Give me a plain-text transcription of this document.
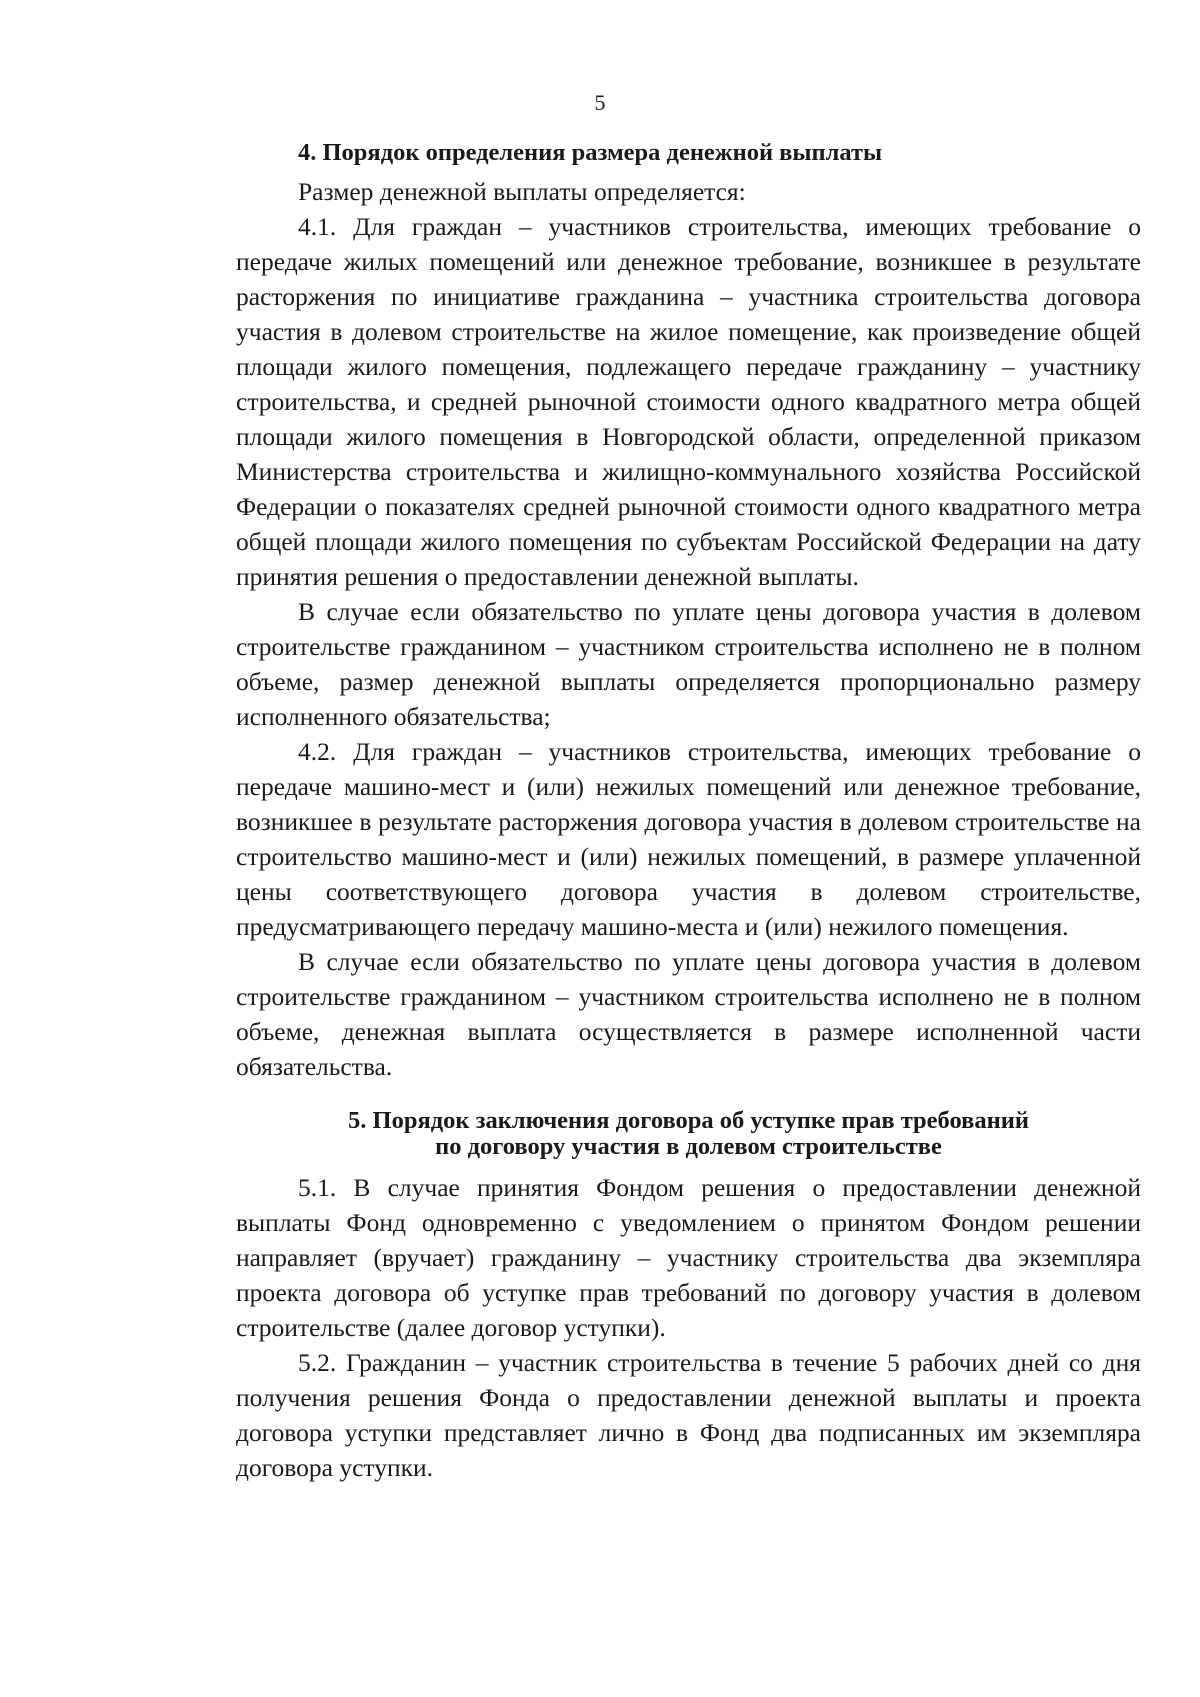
5
4. Порядок определения размера денежной выплаты

Размер денежной выплаты определяется:

4.1. Для граждан – участников строительства, имеющих требование о передаче жилых помещений или денежное требование, возникшее в результате расторжения по инициативе гражданина – участника строительства договора участия в долевом строительстве на жилое помещение, как произведение общей площади жилого помещения, подлежащего передаче гражданину – участнику строительства, и средней рыночной стоимости одного квадратного метра общей площади жилого помещения в Новгородской области, определенной приказом Министерства строительства и жилищно-коммунального хозяйства Российской Федерации о показателях средней рыночной стоимости одного квадратного метра общей площади жилого помещения по субъектам Российской Федерации на дату принятия решения о предоставлении денежной выплаты.

В случае если обязательство по уплате цены договора участия в долевом строительстве гражданином – участником строительства исполнено не в полном объеме, размер денежной выплаты определяется пропорционально размеру исполненного обязательства;

4.2. Для граждан – участников строительства, имеющих требование о передаче машино-мест и (или) нежилых помещений или денежное требование, возникшее в результате расторжения договора участия в долевом строительстве на строительство машино-мест и (или) нежилых помещений, в размере уплаченной цены соответствующего договора участия в долевом строительстве, предусматривающего передачу машино-места и (или) нежилого помещения.

В случае если обязательство по уплате цены договора участия в долевом строительстве гражданином – участником строительства исполнено не в полном объеме, денежная выплата осуществляется в размере исполненной части обязательства.

5. Порядок заключения договора об уступке прав требований
по договору участия в долевом строительстве

5.1. В случае принятия Фондом решения о предоставлении денежной выплаты Фонд одновременно с уведомлением о принятом Фондом решении направляет (вручает) гражданину – участнику строительства два экземпляра проекта договора об уступке прав требований по договору участия в долевом строительстве (далее договор уступки).

5.2. Гражданин – участник строительства в течение 5 рабочих дней со дня получения решения Фонда о предоставлении денежной выплаты и проекта договора уступки представляет лично в Фонд два подписанных им экземпляра договора уступки.
